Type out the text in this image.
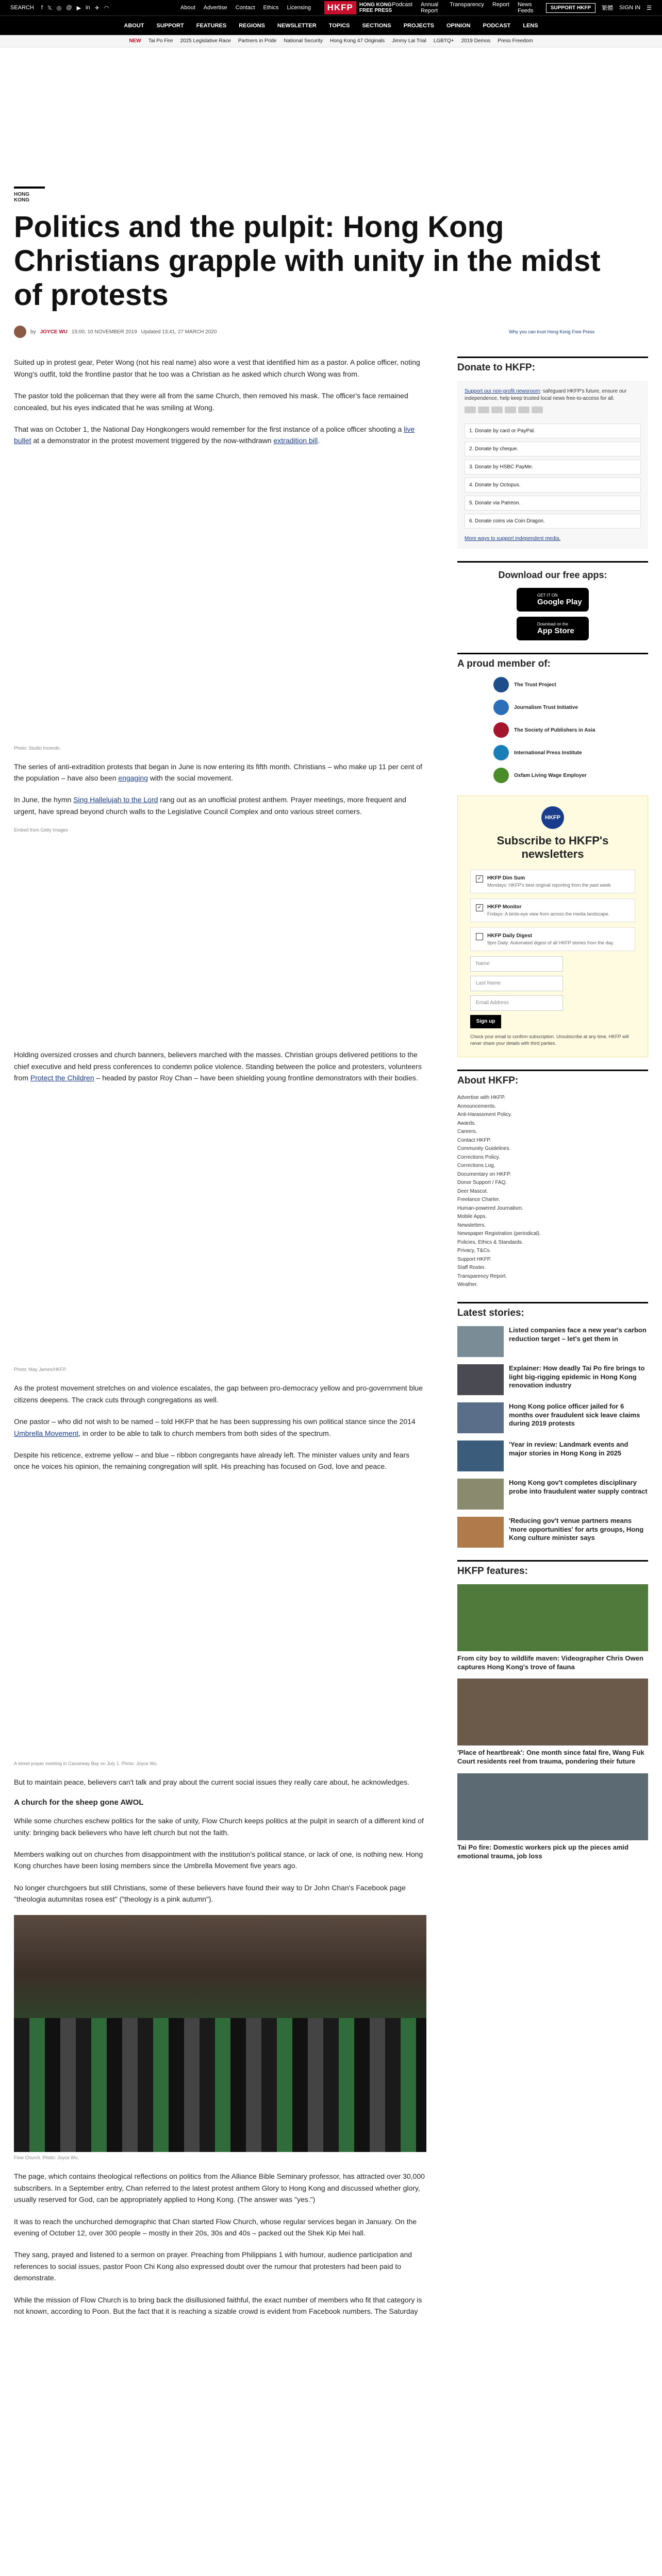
SEARCH f 𝕏 ◎ @ ▶ in ✈ ◠	About Advertise Contact Ethics Licensing	HKFP	HONG KONG
FREE PRESS
Podcast Annual Report
Transparency Report News Feeds	SUPPORT HKFP	繁體 SIGN IN ☰
ABOUT SUPPORT FEATURES REGIONS NEWSLETTER TOPICS SECTIONS PROJECTS OPINION PODCAST LENS
NEW Tai Po Fire 2025 Legislative Race Partners in Pride National Security Hong Kong 47 Originals Jimmy Lai Trial LGBTQ+ 2019 Demos Press Freedom
HONG KONG
Politics and the pulpit: Hong Kong Christians grapple with unity in the midst of protests
by JOYCE WU 15:00, 10 NOVEMBER 2019 Updated 13:41, 27 MARCH 2020	Why you can trust Hong Kong Free Press

Suited up in protest gear, Peter Wong (not his real name) also wore a vest that identified him as a pastor. A police officer, noting Wong's outfit, told the frontline pastor that he too was a Christian as he asked which church Wong was from.

The pastor told the policeman that they were all from the same Church, then removed his mask. The officer's face remained concealed, but his eyes indicated that he was smiling at Wong.

That was on October 1, the National Day Hongkongers would remember for the first instance of a police officer shooting a live bullet at a demonstrator in the protest movement triggered by the now-withdrawn extradition bill.

Photo: Studio Incendo.

The series of anti-extradition protests that began in June is now entering its fifth month. Christians – who make up 11 per cent of the population – have also been engaging with the social movement.

In June, the hymn Sing Hallelujah to the Lord rang out as an unofficial protest anthem. Prayer meetings, more frequent and urgent, have spread beyond church walls to the Legislative Council Complex and onto various street corners.

Embed from Getty Images

Holding oversized crosses and church banners, believers marched with the masses. Christian groups delivered petitions to the chief executive and held press conferences to condemn police violence. Standing between the police and protesters, volunteers from Protect the Children – headed by pastor Roy Chan – have been shielding young frontline demonstrators with their bodies.

Photo: May James/HKFP.

As the protest movement stretches on and violence escalates, the gap between pro-democracy yellow and pro-government blue citizens deepens. The crack cuts through congregations as well.

One pastor – who did not wish to be named – told HKFP that he has been suppressing his own political stance since the 2014 Umbrella Movement, in order to be able to talk to church members from both sides of the spectrum.

Despite his reticence, extreme yellow – and blue – ribbon congregants have already left. The minister values unity and fears once he voices his opinion, the remaining congregation will split. His preaching has focused on God, love and peace.

A street prayer meeting in Causeway Bay on July 1. Photo: Joyce Wu.

But to maintain peace, believers can't talk and pray about the current social issues they really care about, he acknowledges.

A church for the sheep gone AWOL

While some churches eschew politics for the sake of unity, Flow Church keeps politics at the pulpit in search of a different kind of unity: bringing back believers who have left church but not the faith.

Members walking out on churches from disappointment with the institution's political stance, or lack of one, is nothing new. Hong Kong churches have been losing members since the Umbrella Movement five years ago.

No longer churchgoers but still Christians, some of these believers have found their way to Dr John Chan's Facebook page "theologia autumnitas rosea est" ("theology is a pink autumn").

Flow Church. Photo: Joyce Wu.

The page, which contains theological reflections on politics from the Alliance Bible Seminary professor, has attracted over 30,000 subscribers. In a September entry, Chan referred to the latest protest anthem Glory to Hong Kong and discussed whether glory, usually reserved for God, can be appropriately applied to Hong Kong. (The answer was "yes.")

It was to reach the unchurched demographic that Chan started Flow Church, whose regular services began in January. On the evening of October 12, over 300 people – mostly in their 20s, 30s and 40s – packed out the Shek Kip Mei hall.

They sang, prayed and listened to a sermon on prayer. Preaching from Philippians 1 with humour, audience participation and references to social issues, pastor Poon Chi Kong also expressed doubt over the rumour that protesters had been paid to demonstrate.

While the mission of Flow Church is to bring back the disillusioned faithful, the exact number of members who fit that category is not known, according to Poon. But the fact that it is reaching a sizable crowd is evident from Facebook numbers. The Saturday

Donate to HKFP:
Support our non-profit newsroom: safeguard HKFP's future, ensure our independence, help keep trusted local news free-to-access for all.
1. Donate by card or PayPal.
2. Donate by cheque.
3. Donate by HSBC PayMe.
4. Donate by Octopus.
5. Donate via Patreon.
6. Donate coins via Coin Dragon.
More ways to support independent media.
Download our free apps:
GET IT ON
Google Play
Download on the
App Store
A proud member of:
The Trust Project
Journalism Trust Initiative
The Society of Publishers in Asia
International Press Institute
Oxfam Living Wage Employer
HKFP
Subscribe to HKFP's newsletters
✓ HKFP Dim Sum
Mondays: HKFP's best original reporting from the past week.
✓ HKFP Monitor
Fridays: A birds-eye view from across the media landscape.
HKFP Daily Digest
9pm Daily: Automated digest of all HKFP stories from the day.
Name
Last Name
Email Address
Sign up
Check your email to confirm subscription. Unsubscribe at any time. HKFP will never share your details with third parties.
About HKFP:
Advertise with HKFP.
Announcements.
Anti-Harassment Policy.
Awards.
Careers.
Contact HKFP.
Community Guidelines.
Corrections Policy.
Corrections Log.
Documentary on HKFP.
Donor Support / FAQ.
Deer Mascot.
Freelance Charter.
Human-powered Journalism.
Mobile Apps.
Newsletters.
Newspaper Registration (periodical).
Policies, Ethics & Standards.
Privacy, T&Cs.
Support HKFP.
Staff Roster.
Transparency Report.
Weather.
Latest stories:
Listed companies face a new year's carbon reduction target – let's get them in
Explainer: How deadly Tai Po fire brings to light big-rigging epidemic in Hong Kong renovation industry
Hong Kong police officer jailed for 6 months over fraudulent sick leave claims during 2019 protests
'Year in review: Landmark events and major stories in Hong Kong in 2025
Hong Kong gov't completes disciplinary probe into fraudulent water supply contract
'Reducing gov't venue partners means 'more opportunities' for arts groups, Hong Kong culture minister says
HKFP features:
From city boy to wildlife maven: Videographer Chris Owen captures Hong Kong's trove of fauna
'Place of heartbreak': One month since fatal fire, Wang Fuk Court residents reel from trauma, pondering their future
Tai Po fire: Domestic workers pick up the pieces amid emotional trauma, job loss
